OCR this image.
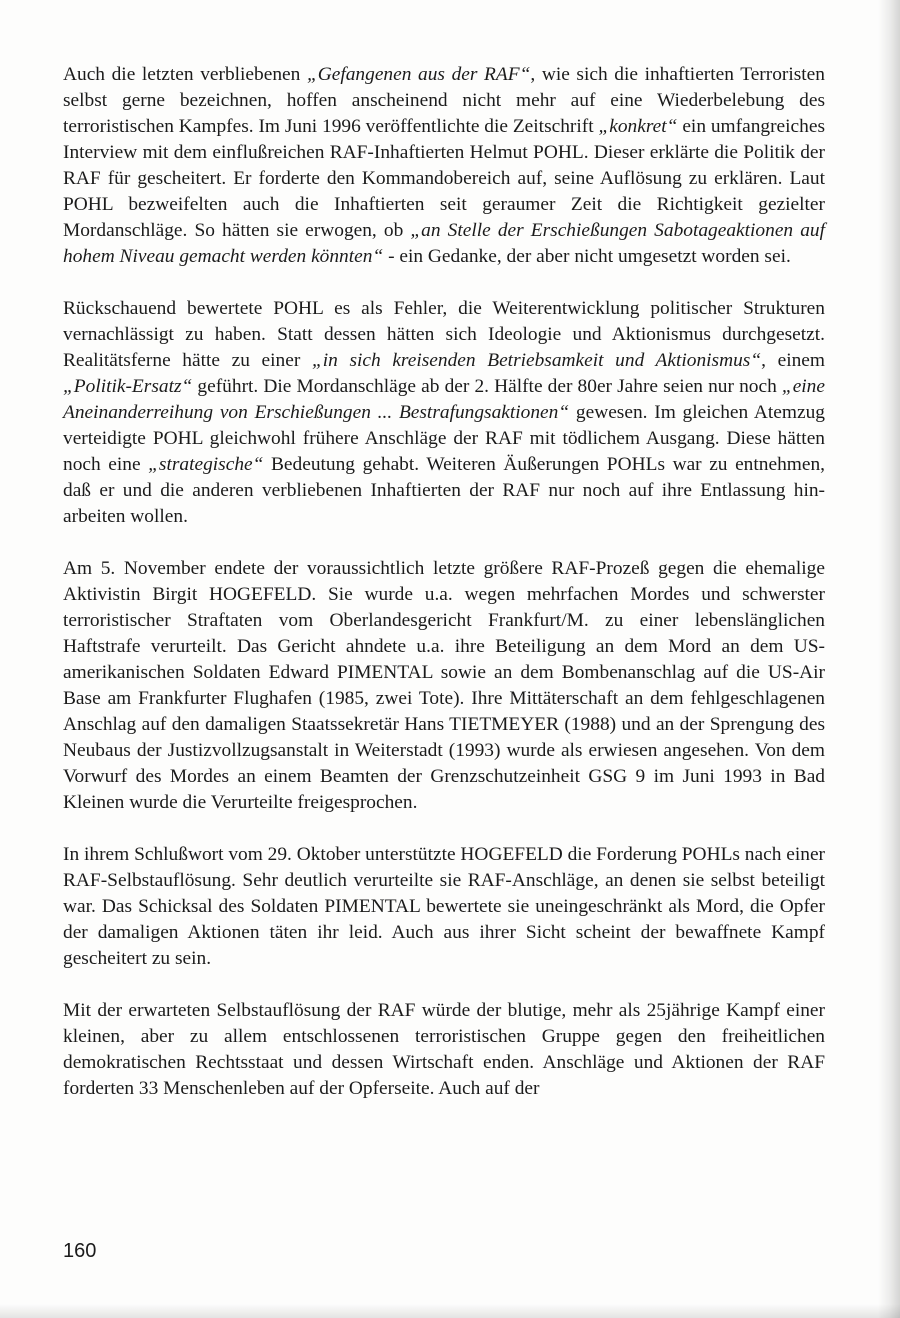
Auch die letzten verbliebenen „Gefangenen aus der RAF“, wie sich die inhaftierten Terroristen selbst gerne bezeichnen, hoffen anscheinend nicht mehr auf eine Wiederbelebung des terroristischen Kampfes. Im Juni 1996 veröffentlichte die Zeitschrift „konkret“ ein umfangreiches Interview mit dem einflußreichen RAF-Inhaftierten Helmut POHL. Dieser erklärte die Politik der RAF für gescheitert. Er forderte den Kommandobereich auf, seine Auflösung zu erklären. Laut POHL bezweifelten auch die Inhaftierten seit geraumer Zeit die Richtigkeit gezielter Mordanschläge. So hätten sie erwogen, ob „an Stelle der Erschießungen Sabotageaktionen auf hohem Niveau gemacht werden könnten“ - ein Gedanke, der aber nicht umgesetzt worden sei.

Rückschauend bewertete POHL es als Fehler, die Weiterentwicklung politischer Strukturen vernachlässigt zu haben. Statt dessen hätten sich Ideologie und Aktionismus durchgesetzt. Realitätsferne hätte zu einer „in sich kreisenden Betriebsamkeit und Aktionismus“, einem „Politik-Ersatz“ geführt. Die Mordanschläge ab der 2. Hälfte der 80er Jahre seien nur noch „eine Aneinanderreihung von Erschießungen ... Bestrafungsaktionen“ gewesen. Im gleichen Atemzug verteidigte POHL gleichwohl frühere Anschläge der RAF mit tödlichem Ausgang. Diese hätten noch eine „strategische“ Bedeutung gehabt. Weiteren Äußerungen POHLs war zu entnehmen, daß er und die anderen verbliebenen Inhaftierten der RAF nur noch auf ihre Entlassung hinarbeiten wollen.

Am 5. November endete der voraussichtlich letzte größere RAF-Prozeß gegen die ehemalige Aktivistin Birgit HOGEFELD. Sie wurde u.a. wegen mehrfachen Mordes und schwerster terroristischer Straftaten vom Oberlandesgericht Frankfurt/M. zu einer lebenslänglichen Haftstrafe verurteilt. Das Gericht ahndete u.a. ihre Beteiligung an dem Mord an dem US-amerikanischen Soldaten Edward PIMENTAL sowie an dem Bombenanschlag auf die US-Air Base am Frankfurter Flughafen (1985, zwei Tote). Ihre Mittäterschaft an dem fehlgeschlagenen Anschlag auf den damaligen Staatssekretär Hans TIETMEYER (1988) und an der Sprengung des Neubaus der Justizvollzugsanstalt in Weiterstadt (1993) wurde als erwiesen angesehen. Von dem Vorwurf des Mordes an einem Beamten der Grenzschutzeinheit GSG 9 im Juni 1993 in Bad Kleinen wurde die Verurteilte freigesprochen.

In ihrem Schlußwort vom 29. Oktober unterstützte HOGEFELD die Forderung POHLs nach einer RAF-Selbstauflösung. Sehr deutlich verurteilte sie RAF-Anschläge, an denen sie selbst beteiligt war. Das Schicksal des Soldaten PIMENTAL bewertete sie uneingeschränkt als Mord, die Opfer der damaligen Aktionen täten ihr leid. Auch aus ihrer Sicht scheint der bewaffnete Kampf gescheitert zu sein.

Mit der erwarteten Selbstauflösung der RAF würde der blutige, mehr als 25jährige Kampf einer kleinen, aber zu allem entschlossenen terroristischen Gruppe gegen den freiheitlichen demokratischen Rechtsstaat und dessen Wirtschaft enden. Anschläge und Aktionen der RAF forderten 33 Menschenleben auf der Opferseite. Auch auf der

160
